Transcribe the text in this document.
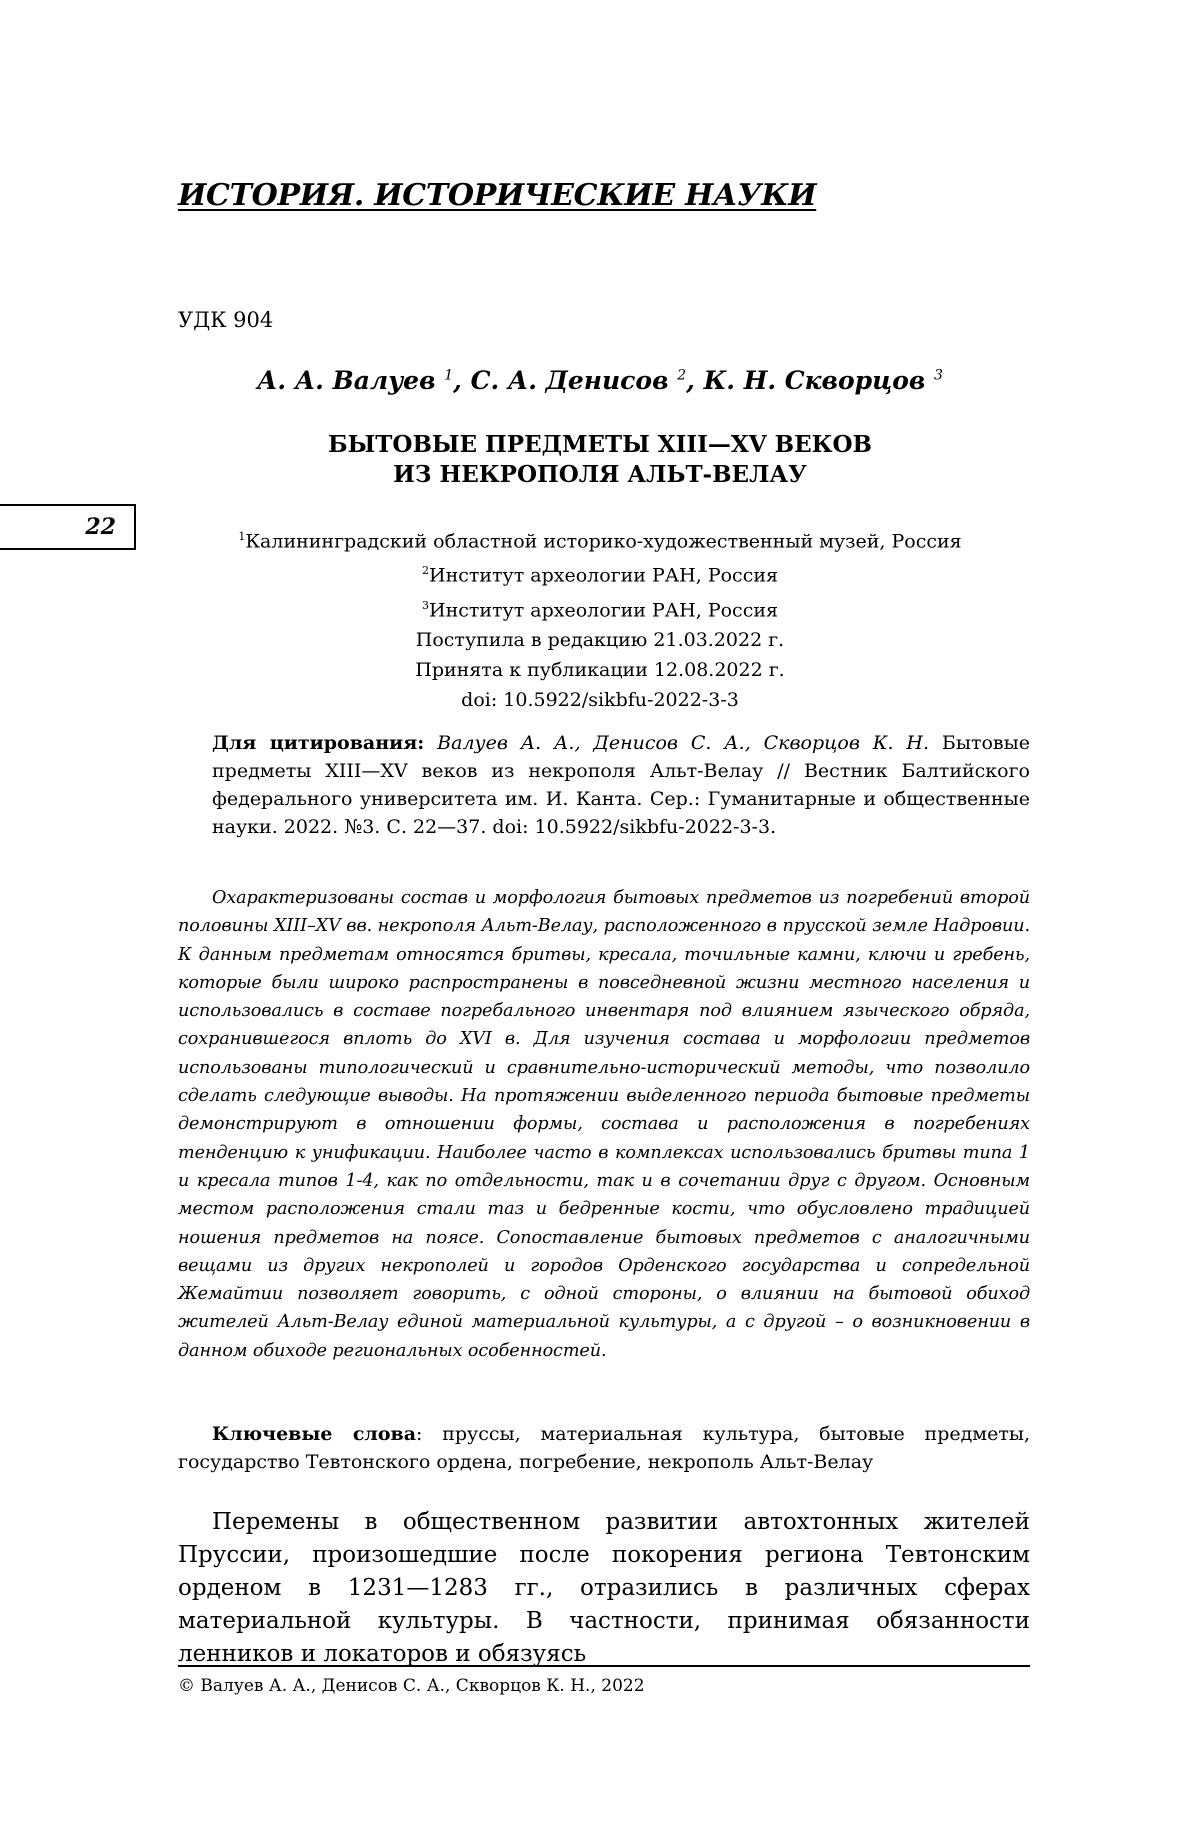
ИСТОРИЯ. ИСТОРИЧЕСКИЕ НАУКИ
УДК 904
А. А. Валуев $^1$, С. А. Денисов $^2$, К. Н. Скворцов $^3$
БЫТОВЫЕ ПРЕДМЕТЫ XIII—XV ВЕКОВ
ИЗ НЕКРОПОЛЯ АЛЬТ-ВЕЛАУ
22	$^1$Калининградский областной историко-художественный музей, Россия
$^2$Институт археологии РАН, Россия
$^3$Институт археологии РАН, Россия
Поступила в редакцию 21.03.2022 г.
Принята к публикации 12.08.2022 г.
doi: 10.5922/sikbfu-2022-3-3
Для цитирования: Валуев А. А., Денисов С. А., Скворцов К. Н. Бытовые предметы XIII—XV веков из некрополя Альт-Велау // Вестник Балтийского федерального университета им. И. Канта. Сер.: Гуманитарные и общественные науки. 2022. №3. С. 22—37. doi: 10.5922/sikbfu-2022-3-3.
Охарактеризованы состав и морфология бытовых предметов из погребений второй половины XIII–XV вв. некрополя Альт-Велау, расположенного в прусской земле Надровии. К данным предметам относятся бритвы, кресала, точильные камни, ключи и гребень, которые были широко распространены в повседневной жизни местного населения и использовались в составе погребального инвентаря под влиянием языческого обряда, сохранившегося вплоть до XVI в. Для изучения состава и морфологии предметов использованы типологический и сравнительно-исторический методы, что позволило сделать следующие выводы. На протяжении выделенного периода бытовые предметы демонстрируют в отношении формы, состава и расположения в погребениях тенденцию к унификации. Наиболее часто в комплексах использовались бритвы типа 1 и кресала типов 1-4, как по отдельности, так и в сочетании друг с другом. Основным местом расположения стали таз и бедренные кости, что обусловлено традицией ношения предметов на поясе. Сопоставление бытовых предметов с аналогичными вещами из других некрополей и городов Орденского государства и сопредельной Жемайтии позволяет говорить, с одной стороны, о влиянии на бытовой обиход жителей Альт-Велау единой материальной культуры, а с другой – о возникновении в данном обиходе региональных особенностей.
Ключевые слова: пруссы, материальная культура, бытовые предметы, государство Тевтонского ордена, погребение, некрополь Альт-Велау
Перемены в общественном развитии автохтонных жителей Пруссии, произошедшие после покорения региона Тевтонским орденом в 1231—1283 гг., отразились в различных сферах материальной культуры. В частности, принимая обязанности ленников и локаторов и обязуясь
© Валуев А. А., Денисов С. А., Скворцов К. Н., 2022
